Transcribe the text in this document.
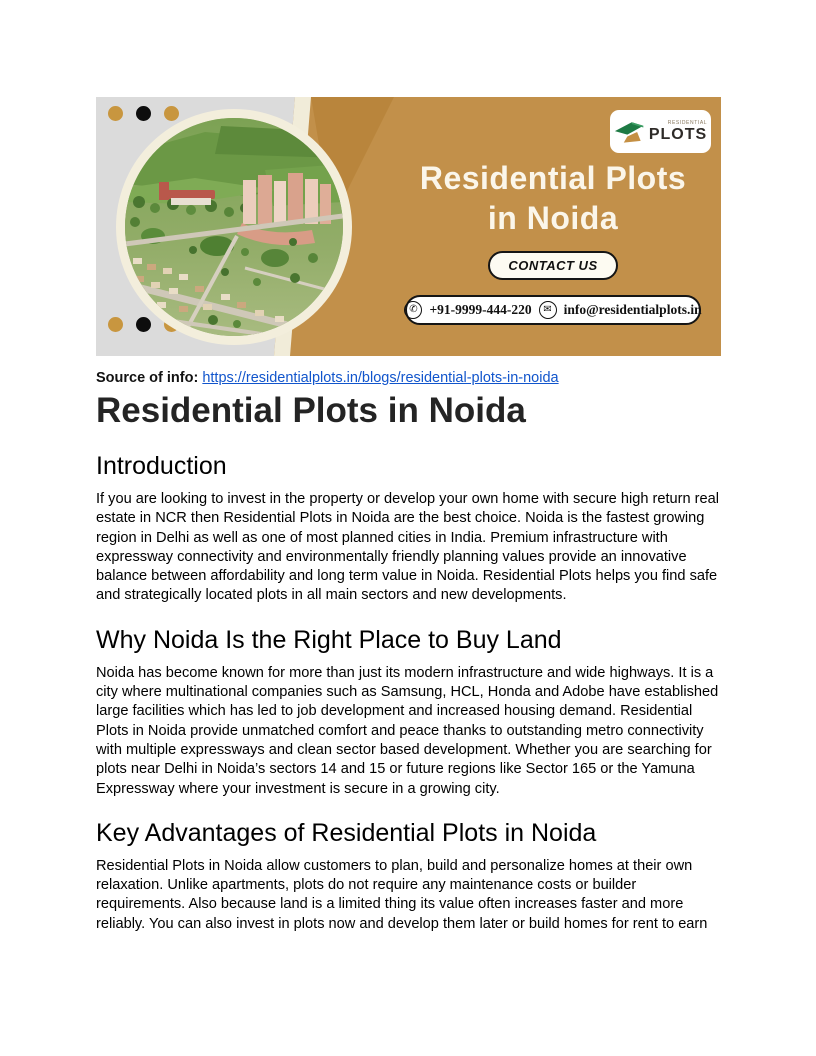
RESIDENTIAL
PLOTS
Residential Plots
in Noida
CONTACT US
✆ +91-9999-444-220	✉ info@residentialplots.in
Source of info: https://residentialplots.in/blogs/residential-plots-in-noida
Residential Plots in Noida
Introduction

If you are looking to invest in the property or develop your own home with secure high return real estate in NCR then Residential Plots in Noida are the best choice. Noida is the fastest growing region in Delhi as well as one of most planned cities in India. Premium infrastructure with expressway connectivity and environmentally friendly planning values provide an innovative balance between affordability and long term value in Noida. Residential Plots helps you find safe and strategically located plots in all main sectors and new developments.

Why Noida Is the Right Place to Buy Land

Noida has become known for more than just its modern infrastructure and wide highways. It is a city where multinational companies such as Samsung, HCL, Honda and Adobe have established large facilities which has led to job development and increased housing demand. Residential Plots in Noida provide unmatched comfort and peace thanks to outstanding metro connectivity with multiple expressways and clean sector based development. Whether you are searching for plots near Delhi in Noida’s sectors 14 and 15 or future regions like Sector 165 or the Yamuna Expressway where your investment is secure in a growing city.

Key Advantages of Residential Plots in Noida

Residential Plots in Noida allow customers to plan, build and personalize homes at their own relaxation. Unlike apartments, plots do not require any maintenance costs or builder requirements. Also because land is a limited thing its value often increases faster and more reliably. You can also invest in plots now and develop them later or build homes for rent to earn
